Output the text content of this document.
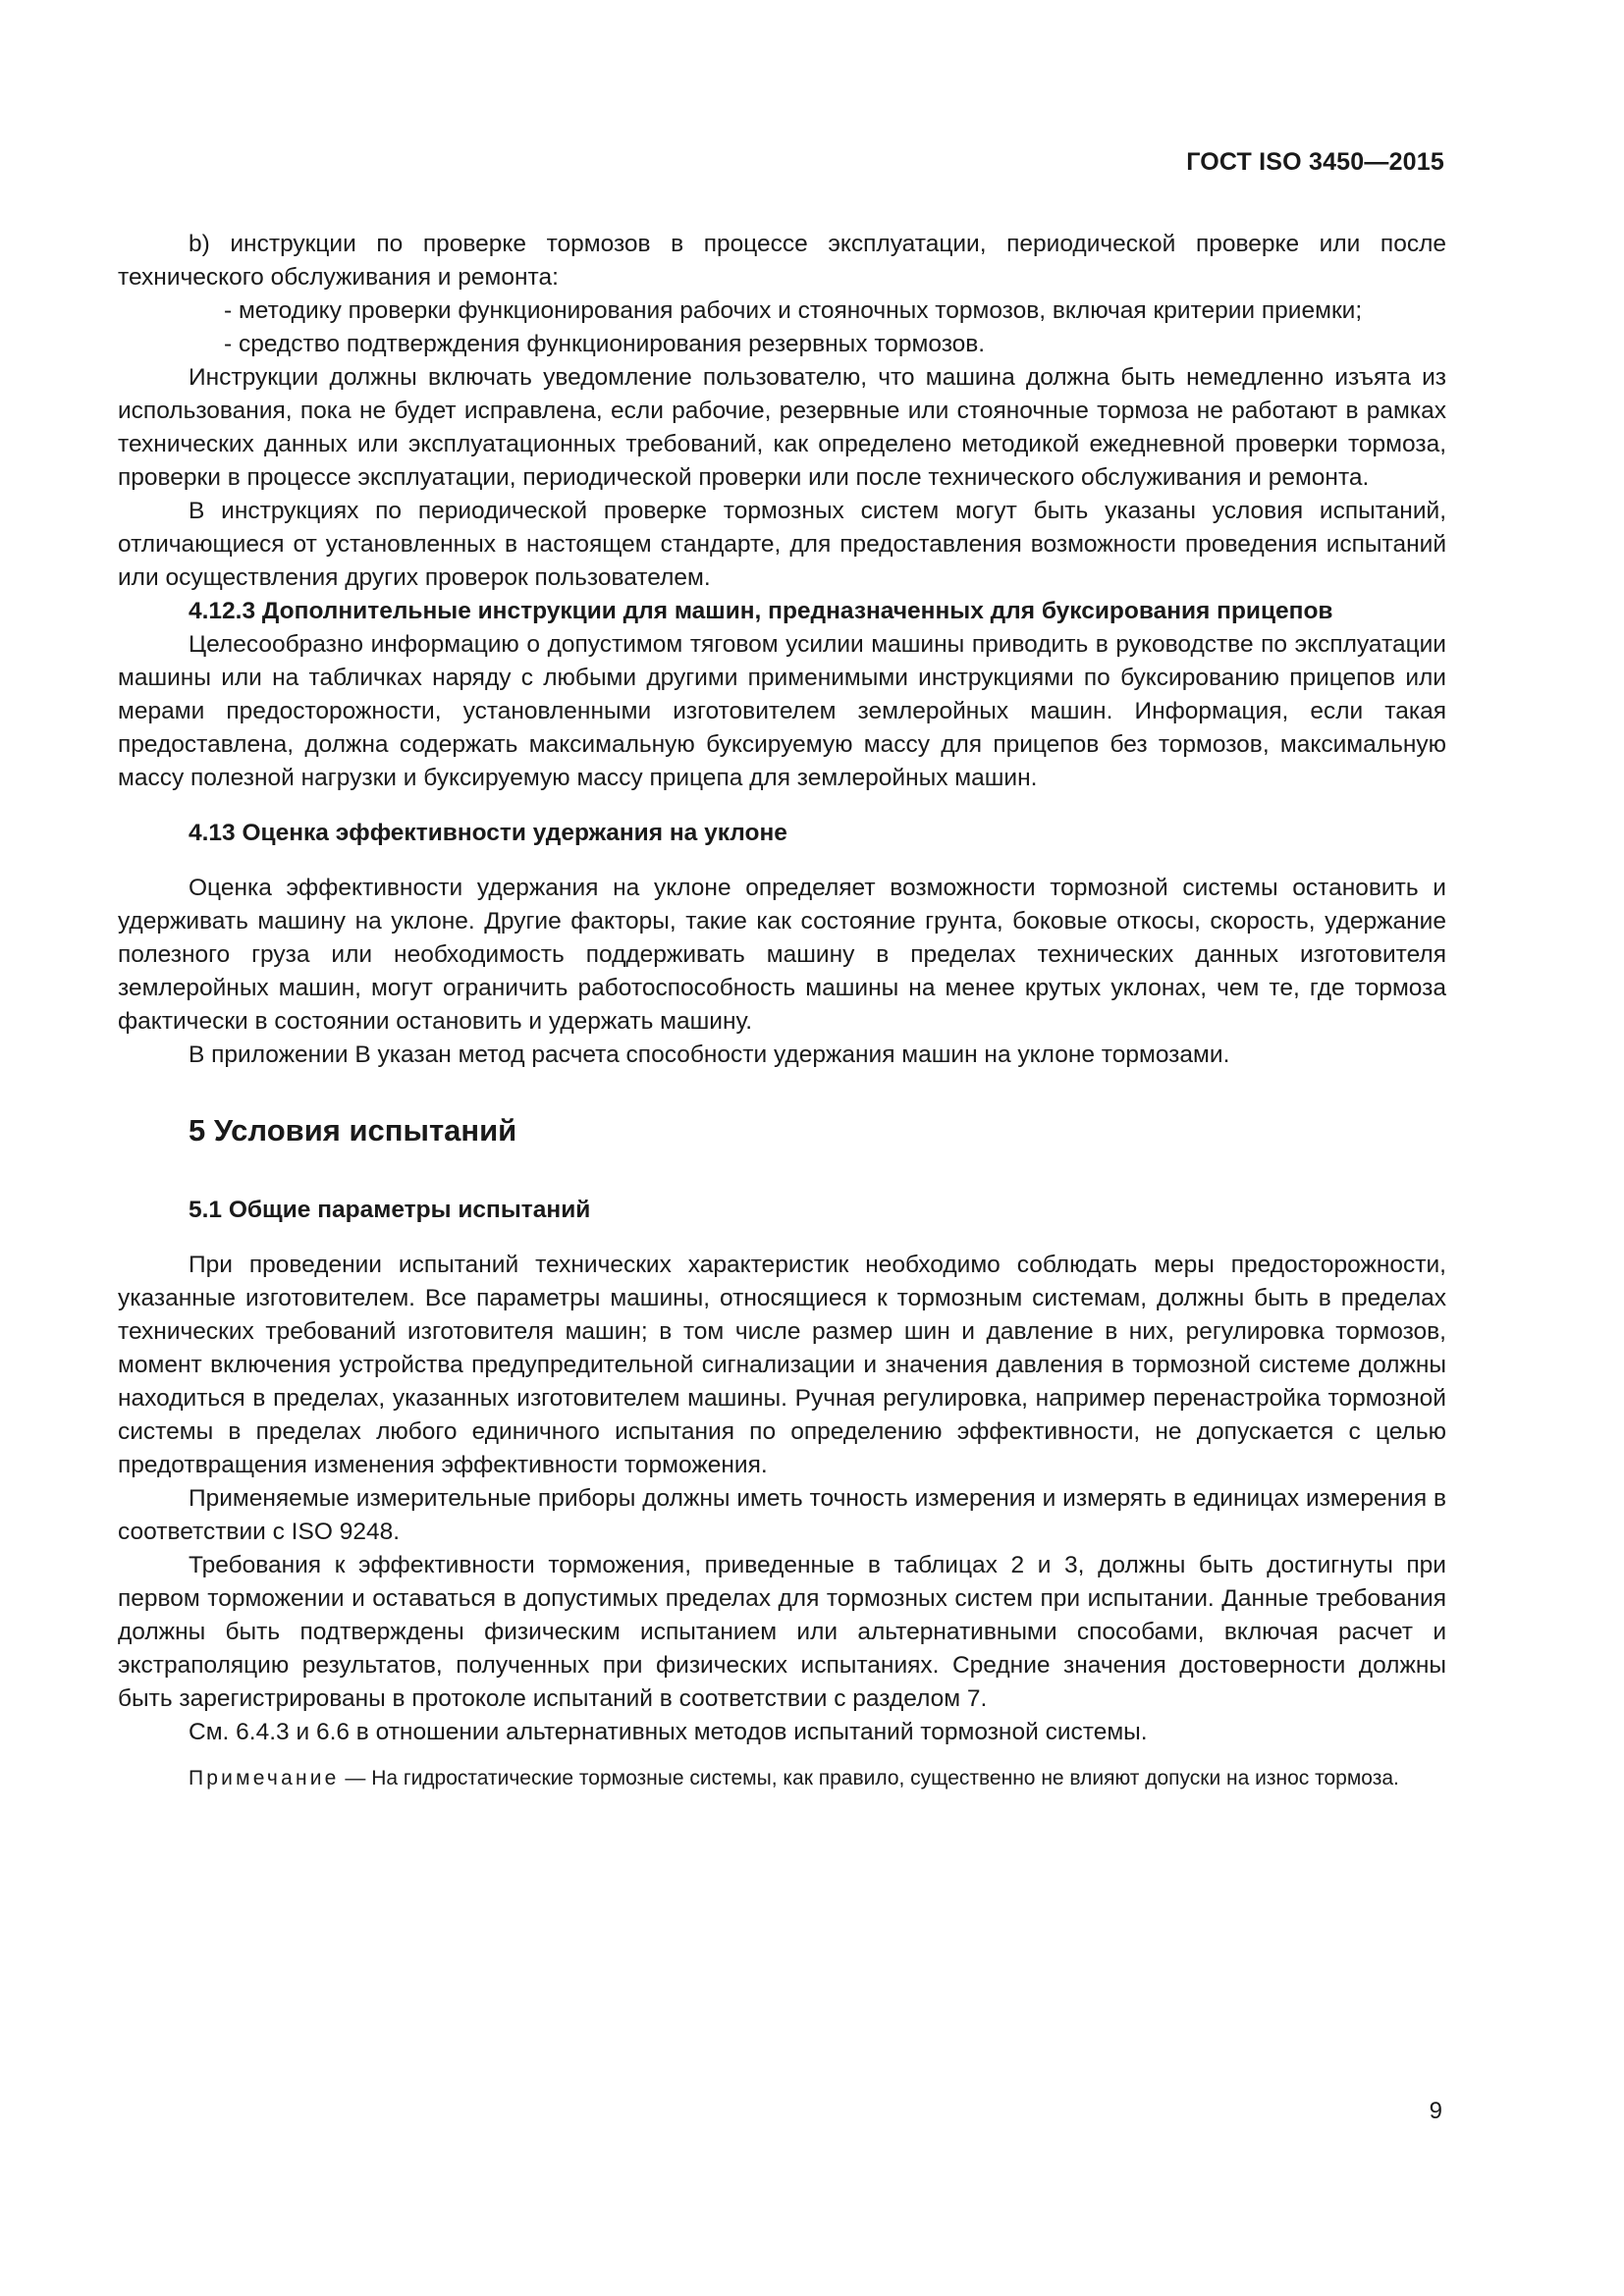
ГОСТ ISO 3450—2015

b) инструкции по проверке тормозов в процессе эксплуатации, периодической проверке или после технического обслуживания и ремонта:

- методику проверки функционирования рабочих и стояночных тормозов, включая критерии приемки;

- средство подтверждения функционирования резервных тормозов.

Инструкции должны включать уведомление пользователю, что машина должна быть немедленно изъята из использования, пока не будет исправлена, если рабочие, резервные или стояночные тормоза не работают в рамках технических данных или эксплуатационных требований, как определено методикой ежедневной проверки тормоза, проверки в процессе эксплуатации, периодической проверки или после технического обслуживания и ремонта.

В инструкциях по периодической проверке тормозных систем могут быть указаны условия испытаний, отличающиеся от установленных в настоящем стандарте, для предоставления возможности проведения испытаний или осуществления других проверок пользователем.

4.12.3 Дополнительные инструкции для машин, предназначенных для буксирования прицепов

Целесообразно информацию о допустимом тяговом усилии машины приводить в руководстве по эксплуатации машины или на табличках наряду с любыми другими применимыми инструкциями по буксированию прицепов или мерами предосторожности, установленными изготовителем землеройных машин. Информация, если такая предоставлена, должна содержать максимальную буксируемую массу для прицепов без тормозов, максимальную массу полезной нагрузки и буксируемую массу прицепа для землеройных машин.

4.13 Оценка эффективности удержания на уклоне

Оценка эффективности удержания на уклоне определяет возможности тормозной системы остановить и удерживать машину на уклоне. Другие факторы, такие как состояние грунта, боковые откосы, скорость, удержание полезного груза или необходимость поддерживать машину в пределах технических данных изготовителя землеройных машин, могут ограничить работоспособность машины на менее крутых уклонах, чем те, где тормоза фактически в состоянии остановить и удержать машину.

В приложении В указан метод расчета способности удержания машин на уклоне тормозами.

5 Условия испытаний

5.1 Общие параметры испытаний

При проведении испытаний технических характеристик необходимо соблюдать меры предосторожности, указанные изготовителем. Все параметры машины, относящиеся к тормозным системам, должны быть в пределах технических требований изготовителя машин; в том числе размер шин и давление в них, регулировка тормозов, момент включения устройства предупредительной сигнализации и значения давления в тормозной системе должны находиться в пределах, указанных изготовителем машины. Ручная регулировка, например перенастройка тормозной системы в пределах любого единичного испытания по определению эффективности, не допускается с целью предотвращения изменения эффективности торможения.

Применяемые измерительные приборы должны иметь точность измерения и измерять в единицах измерения в соответствии с ISO 9248.

Требования к эффективности торможения, приведенные в таблицах 2 и 3, должны быть достигнуты при первом торможении и оставаться в допустимых пределах для тормозных систем при испытании. Данные требования должны быть подтверждены физическим испытанием или альтернативными способами, включая расчет и экстраполяцию результатов, полученных при физических испытаниях. Средние значения достоверности должны быть зарегистрированы в протоколе испытаний в соответствии с разделом 7.

См. 6.4.3 и 6.6 в отношении альтернативных методов испытаний тормозной системы.

Примечание — На гидростатические тормозные системы, как правило, существенно не влияют допуски на износ тормоза.

9
